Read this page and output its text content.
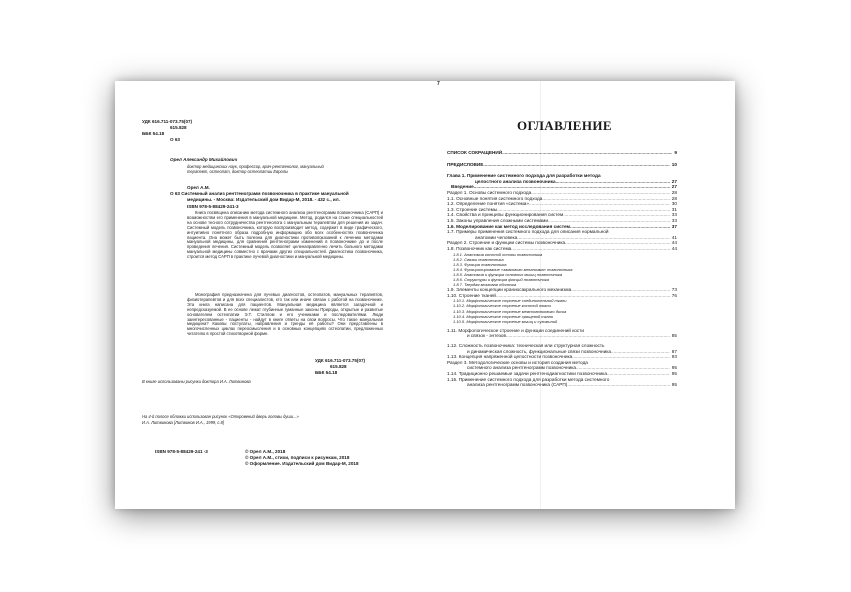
7
УДК 616.711-073.75(07)
615.828
ББК 54.18
О 63
Орел Александр Михайлович
доктор медицинских наук, профессор, врач-рентгенолог, мануальный
терапевт, остеопат, доктор остеопатии Европы
Орел А.М.
О 63 Системный анализ рентгенограмм позвоночника в практике мануальной
медицины. - Москва: Издательский дом Видар-М, 2018. - 432 с., ил.
ISBN 978-5-88429-241-3
Книга посвящена описанию метода системного анализа рентгенограмм позвоночника (САРП) и возможностям его применения в мануальной медицине. Метод, родился на стыке специальностей на основе тесного сотрудничества рентгенолога с мануальным терапевтом для решения их задач. Системный модель позвоночника, которую воспроизводит метод, содержит в виде графического, интуитивно понятного образа подробную информацию обо всех особенностях позвоночника пациента. Она может быть полезна для диагностики противопоказаний к лечению методами мануальной медицины, для сравнения рентгенограмм изменений в позвоночнике до и после проведения лечения. Системный модель позволяет целенаправленно лечить больного методами мануальной медицины совместно с врачами других специальностей. Диагностика позвоночника, строится метод САРП в практике лучевой диагностики и мануальной медицины.
Монография предназначена для лучевых диагностов, остеопатов, мануальных терапевтов, физиотерапевтов и для всех специалистов, кто так или иначе связан с работой на позвоночнике. Эта книга написана для пациентов. Мануальная медицина является загадочной и непредсказуемой. В ее основе лежат глубинные гуманные законы Природы, открытые и развитые основателем остеопатии Э.Т. Стиллом и его учениками и последователями. Люди заинтересованные - пациенты - найдут в книге ответы на свои вопросы. Что такое мануальная медицина? Каковы постулаты, направления и тренды её работы? Они представлены в многочисленных циклах переосмысления и в основных концепциях остеопатии, предложенных читателю в простой стихотворной форме.
УДК 616.711-073.75(07)
615.828
ББК 54.18
В книге использованы рисунки доктора И.А. Литвинова
На 4-й полосе обложки использован рисунок «Откровений дверь головы души...»
И.А. Литвинова [Литвинов И.А., 1999, с.8]
ISBN 978-5-88429-241 -3	© Орел А.М., 2018
© Орел А.М., стихи, подписи к рисункам, 2018
© Оформление. Издательский дом Видар-М, 2018
ОГЛАВЛЕНИЕ
СПИСОК СОКРАЩЕНИЙ .....	9
ПРЕДИСЛОВИЕ .....	10
Глава 1. Применение системного подхода для разработки метода
целостного анализа позвоночника .....	27
Введение .....	27
Раздел 1. Основы системного подхода .....	28
1.1. Основные понятия системного подхода .....	28
1.2. Определение понятия «система» .....	30
1.3. Строение системы .....	31
1.4. Свойства и принципы функционирования систем .....	33
1.5. Законы управления сложными системами .....	33
1.6. Моделирование как метод исследования систем .....	37
1.7. Примеры применения системного подхода для описания нормальной
анатомии человека .....	41
Раздел 2. Строение и функции системы позвоночника .....	44
1.8. Позвоночник как система .....	44
1.8.1. Анатомия костной основы позвоночника
1.8.2. Связки позвоночника
1.8.3. Функция позвоночника
1.8.4. Функционирование «замкового механизма» позвоночника
1.8.5. Анатомия и функция основных мышц позвоночника
1.8.6. Структуры и функция фасций позвоночника
1.8.7. Твердая мозговая оболочка
1.9. Элементы концепции краниосакрального механизма .....	73
1.10. Строение тканей .....	76
1.10.1. Морфологическое строение соединительной ткани
1.10.2. Морфологическое строение костной ткани
1.10.3. Морфологическое строение межпозвонкового диска
1.10.4. Морфологическое строение хрящевой ткани
1.10.5. Морфологическое строение мышц и сухожилий
1.11. Морфологическое строение и функции соединений кости
и связок - энтезов .....	85
1.12. Сложность позвоночника: техническая или структурная сложность
и динамическая сложность, функциональные связи позвоночника .....	87
1.13. Концепция напряженной целостности позвоночника .....	93
Раздел 3. Методологические основы и история создания метода
системного анализа рентгенограмм позвоночника .....	95
1.14. Традиционно решаемые задачи рентгенодиагностики позвоночника .....	95
1.15. Применение системного подхода для разработки метода системного
анализа рентгенограмм позвоночника (САРП) .....	95
